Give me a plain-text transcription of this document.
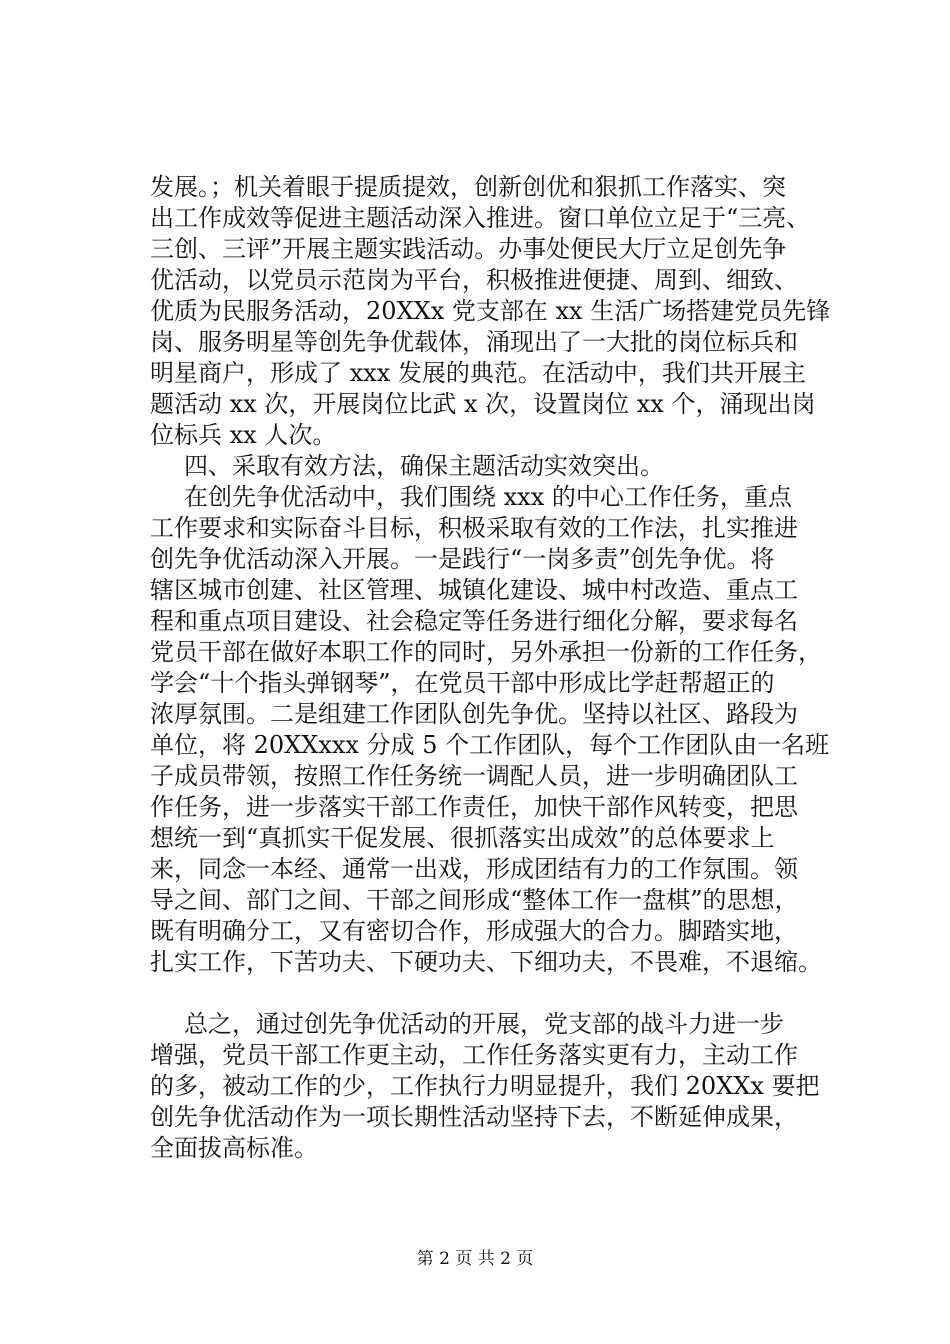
发展。；机关着眼于提质提效，创新创优和狠抓工作落实、突
出工作成效等促进主题活动深入推进。窗口单位立足于“三亮、
三创、三评”开展主题实践活动。办事处便民大厅立足创先争
优活动，以党员示范岗为平台，积极推进便捷、周到、细致、
优质为民服务活动，20XXx 党支部在 xx 生活广场搭建党员先锋
岗、服务明星等创先争优载体，涌现出了一大批的岗位标兵和
明星商户，形成了 xxx 发展的典范。在活动中，我们共开展主
题活动 xx 次，开展岗位比武 x 次，设置岗位 xx 个，涌现出岗
位标兵 xx 人次。
四、采取有效方法，确保主题活动实效突出。
在创先争优活动中，我们围绕 xxx 的中心工作任务，重点
工作要求和实际奋斗目标，积极采取有效的工作法，扎实推进
创先争优活动深入开展。一是践行“一岗多责”创先争优。将
辖区城市创建、社区管理、城镇化建设、城中村改造、重点工
程和重点项目建设、社会稳定等任务进行细化分解，要求每名
党员干部在做好本职工作的同时，另外承担一份新的工作任务，
学会“十个指头弹钢琴”，在党员干部中形成比学赶帮超正的
浓厚氛围。二是组建工作团队创先争优。坚持以社区、路段为
单位，将 20XXxxx 分成 5 个工作团队，每个工作团队由一名班
子成员带领，按照工作任务统一调配人员，进一步明确团队工
作任务，进一步落实干部工作责任，加快干部作风转变，把思
想统一到“真抓实干促发展、很抓落实出成效”的总体要求上
来，同念一本经、通常一出戏，形成团结有力的工作氛围。领
导之间、部门之间、干部之间形成“整体工作一盘棋”的思想，
既有明确分工，又有密切合作，形成强大的合力。脚踏实地，
扎实工作，下苦功夫、下硬功夫、下细功夫，不畏难，不退缩。
总之，通过创先争优活动的开展，党支部的战斗力进一步
增强，党员干部工作更主动，工作任务落实更有力，主动工作
的多，被动工作的少，工作执行力明显提升，我们 20XXx 要把
创先争优活动作为一项长期性活动坚持下去，不断延伸成果，
全面拔高标准。
第 2 页 共 2 页
